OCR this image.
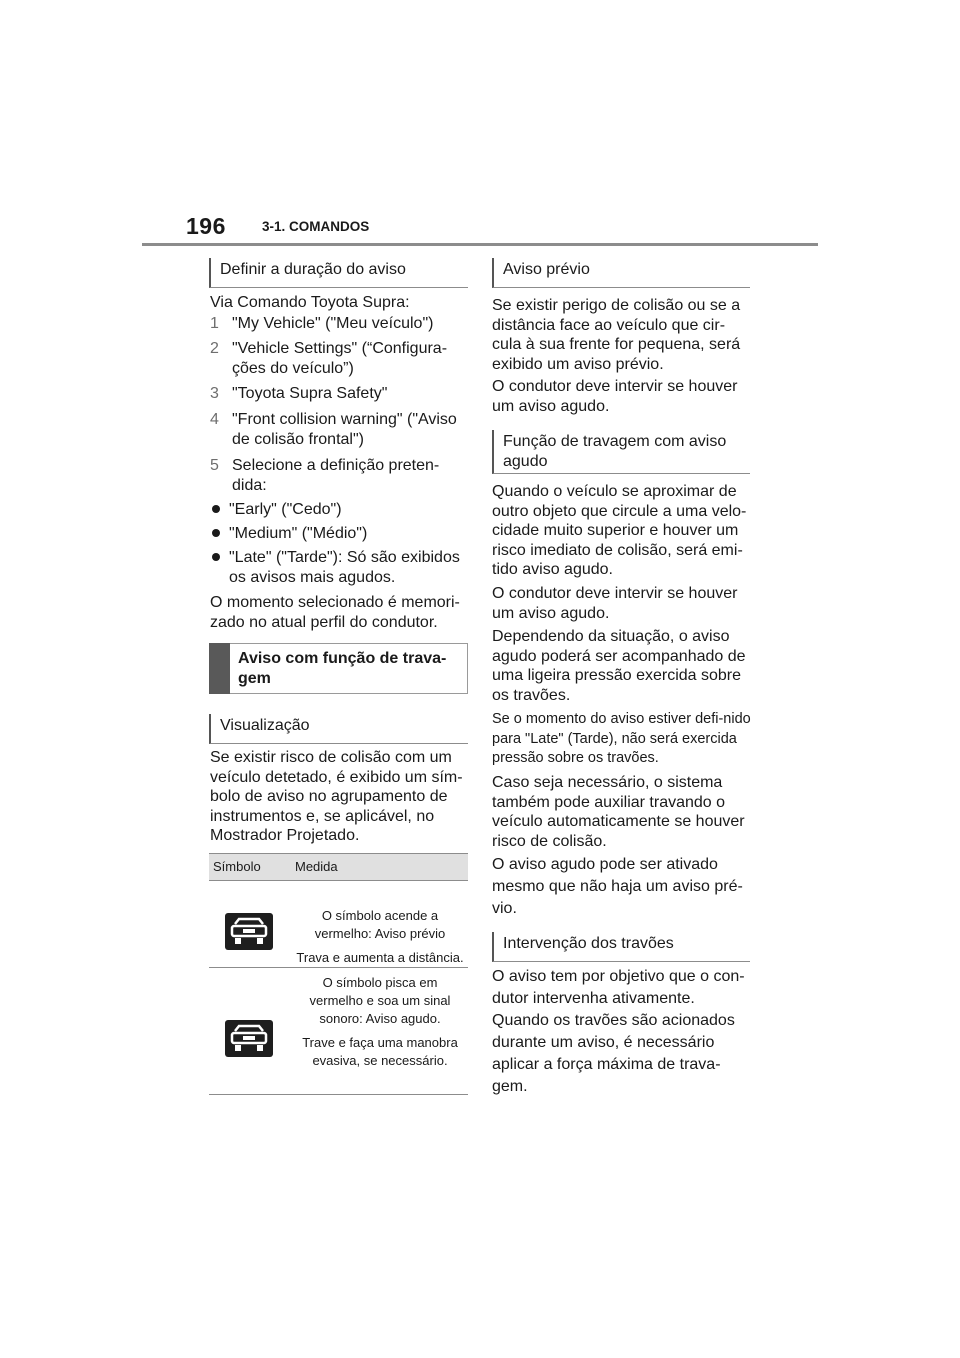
196	3-1. COMANDOS
Definir a duração do aviso

Via Comando Toyota Supra:

1 "My Vehicle" ("Meu veículo")
2 "Vehicle Settings" (“Configura-ções do veículo”)
3 "Toyota Supra Safety"
4 "Front collision warning" ("Aviso de colisão frontal")
5 Selecione a definição preten-dida:
"Early" ("Cedo")
"Medium" ("Médio")
"Late" ("Tarde"): Só são exibidos os avisos mais agudos.

O momento selecionado é memori-zado no atual perfil do condutor.

Aviso com função de trava-gem
Visualização

Se existir risco de colisão com um veículo detetado, é exibido um sím-bolo de aviso no agrupamento de instrumentos e, se aplicável, no Mostrador Projetado.

Símbolo	Medida
O símbolo acende a vermelho: Aviso prévio
Trava e aumenta a distância.
O símbolo pisca em vermelho e soa um sinal sonoro: Aviso agudo.
Trave e faça uma manobra evasiva, se necessário.
Aviso prévio

Se existir perigo de colisão ou se a distância face ao veículo que cir-cula à sua frente for pequena, será exibido um aviso prévio.

O condutor deve intervir se houver um aviso agudo.

Função de travagem com aviso agudo

Quando o veículo se aproximar de outro objeto que circule a uma velo-cidade muito superior e houver um risco imediato de colisão, será emi-tido aviso agudo.

O condutor deve intervir se houver um aviso agudo.

Dependendo da situação, o aviso agudo poderá ser acompanhado de uma ligeira pressão exercida sobre os travões.

Se o momento do aviso estiver defi-nido para "Late" (Tarde), não será exercida pressão sobre os travões.

Caso seja necessário, o sistema também pode auxiliar travando o veículo automaticamente se houver risco de colisão.

O aviso agudo pode ser ativado mesmo que não haja um aviso pré-vio.

Intervenção dos travões

O aviso tem por objetivo que o con-dutor intervenha ativamente.

Quando os travões são acionados durante um aviso, é necessário aplicar a força máxima de trava-gem.
